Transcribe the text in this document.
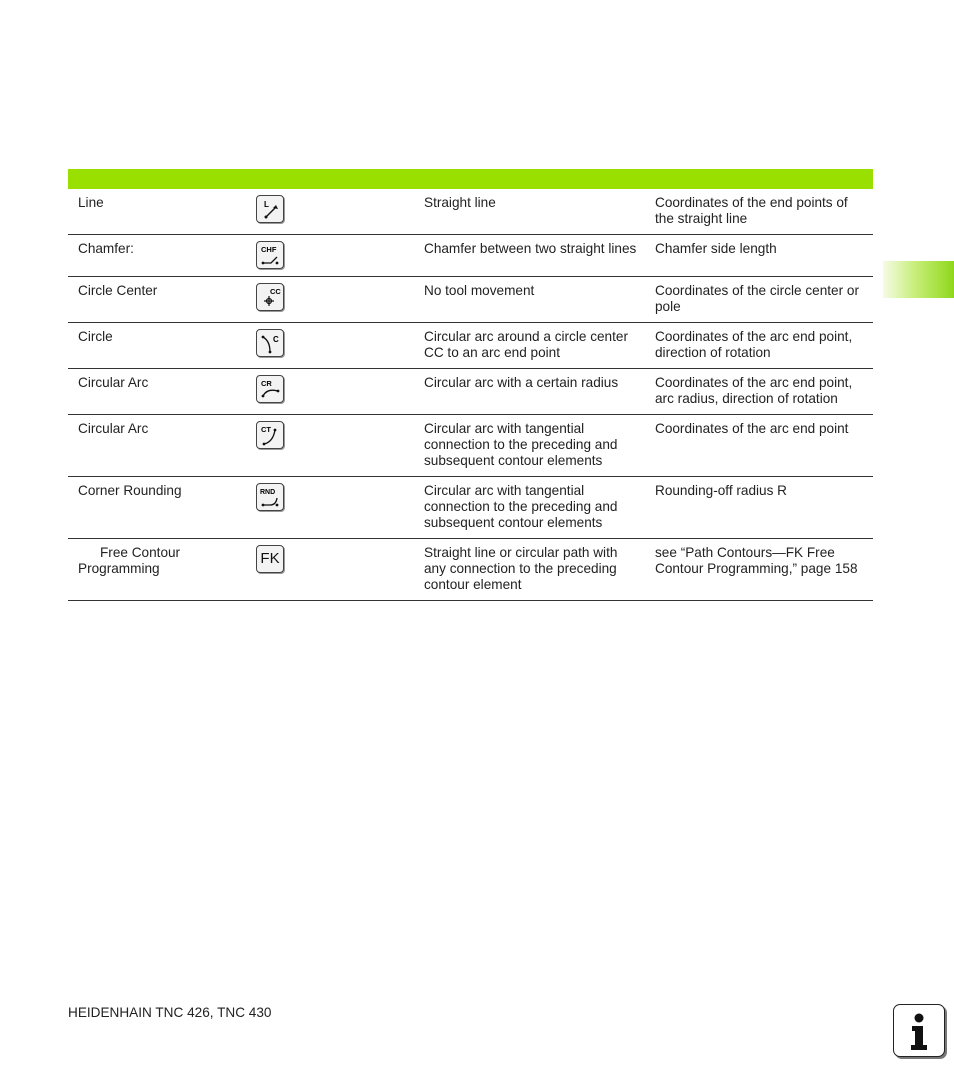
Line	L	Straight line	Coordinates of the end points of the straight line
Chamfer:	CHF	Chamfer between two straight lines	Chamfer side length
Circle Center	CC	No tool movement	Coordinates of the circle center or pole
Circle	C	Circular arc around a circle center CC to an arc end point	Coordinates of the arc end point, direction of rotation
Circular Arc	CR	Circular arc with a certain radius	Coordinates of the arc end point, arc radius, direction of rotation
Circular Arc	CT	Circular arc with tangential connection to the preceding and subsequent contour elements	Coordinates of the arc end point
Corner Rounding	RND	Circular arc with tangential connection to the preceding and subsequent contour elements	Rounding-off radius R
Free Contour Programming	FK	Straight line or circular path with any connection to the preceding contour element	see “Path Contours—FK Free Contour Programming,” page 158
HEIDENHAIN TNC 426, TNC 430
